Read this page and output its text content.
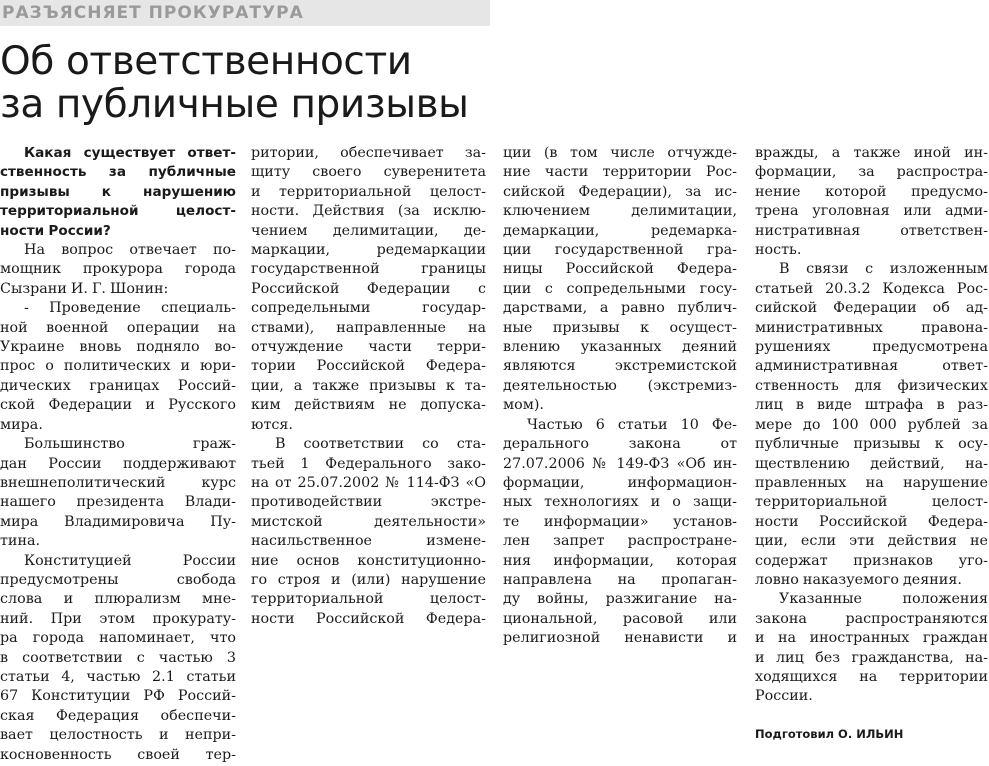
РАЗЪЯСНЯЕТ ПРОКУРАТУРА
Об ответственности
за публичные призывы
Какая существует ответ-
ственность за публичные
призывы к нарушению
территориальной целост-
ности России?
На вопрос отвечает по-
мощник прокурора города
Сызрани И. Г. Шонин:
- Проведение специаль-
ной военной операции на
Украине вновь подняло во-
прос о политических и юри-
дических границах Россий-
ской Федерации и Русского
мира.
Большинство граж-
дан России поддерживают
внешнеполитический курс
нашего президента Влади-
мира Владимировича Пу-
тина.
Конституцией России
предусмотрены свобода
слова и плюрализм мне-
ний. При этом прокурату-
ра города напоминает, что
в соответствии с частью 3
статьи 4, частью 2.1 статьи
67 Конституции РФ Россий-
ская Федерация обеспечи-
вает целостность и непри-
косновенность своей тер-
ритории, обеспечивает за-
щиту своего суверенитета
и территориальной целост-
ности. Действия (за исклю-
чением делимитации, де-
маркации, редемаркации
государственной границы
Российской Федерации с
сопредельными государ-
ствами), направленные на
отчуждение части терри-
тории Российской Федера-
ции, а также призывы к та-
ким действиям не допуска-
ются.
В соответствии со ста-
тьей 1 Федерального зако-
на от 25.07.2002 № 114-ФЗ «О
противодействии экстре-
мистской деятельности»
насильственное измене-
ние основ конституционно-
го строя и (или) нарушение
территориальной целост-
ности Российской Федера-
ции (в том числе отчужде-
ние части территории Рос-
сийской Федерации), за ис-
ключением делимитации,
демаркации, редемарка-
ции государственной гра-
ницы Российской Федера-
ции с сопредельными госу-
дарствами, а равно публич-
ные призывы к осущест-
влению указанных деяний
являются экстремистской
деятельностью (экстремиз-
мом).
Частью 6 статьи 10 Фе-
дерального закона от
27.07.2006 № 149-ФЗ «Об ин-
формации, информацион-
ных технологиях и о защи-
те информации» установ-
лен запрет распростране-
ния информации, которая
направлена на пропаган-
ду войны, разжигание на-
циональной, расовой или
религиозной ненависти и
вражды, а также иной ин-
формации, за распростра-
нение которой предусмо-
трена уголовная или адми-
нистративная ответствен-
ность.
В связи с изложенным
статьей 20.3.2 Кодекса Рос-
сийской Федерации об ад-
министративных правона-
рушениях предусмотрена
административная ответ-
ственность для физических
лиц в виде штрафа в раз-
мере до 100 000 рублей за
публичные призывы к осу-
ществлению действий, на-
правленных на нарушение
территориальной целост-
ности Российской Федера-
ции, если эти действия не
содержат признаков уго-
ловно наказуемого деяния.
Указанные положения
закона распространяются
и на иностранных граждан
и лиц без гражданства, на-
ходящихся на территории
России.
Подготовил О. ИЛЬИН
